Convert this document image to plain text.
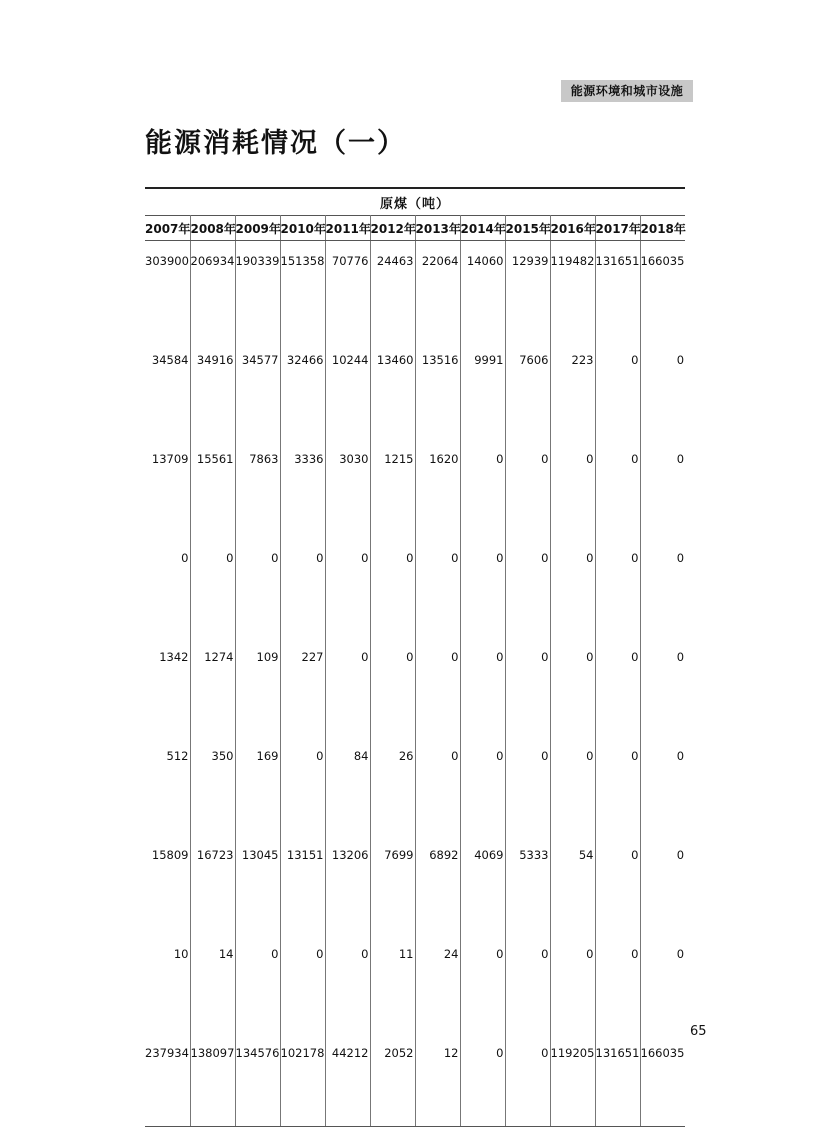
能源环境和城市设施
能源消耗情况（一）
原煤（吨）											
2007年	2008年	2009年	2010年	2011年	2012年	2013年	2014年	2015年	2016年	2017年	2018年
303900	206934	190339	151358	70776	24463	22064	14060	12939	119482	131651	166035
34584	34916	34577	32466	10244	13460	13516	9991	7606	223	0	0
13709	15561	7863	3336	3030	1215	1620	0	0	0	0	0
0	0	0	0	0	0	0	0	0	0	0	0
1342	1274	109	227	0	0	0	0	0	0	0	0
512	350	169	0	84	26	0	0	0	0	0	0
15809	16723	13045	13151	13206	7699	6892	4069	5333	54	0	0
10	14	0	0	0	11	24	0	0	0	0	0
237934	138097	134576	102178	44212	2052	12	0	0	119205	131651	166035
65
